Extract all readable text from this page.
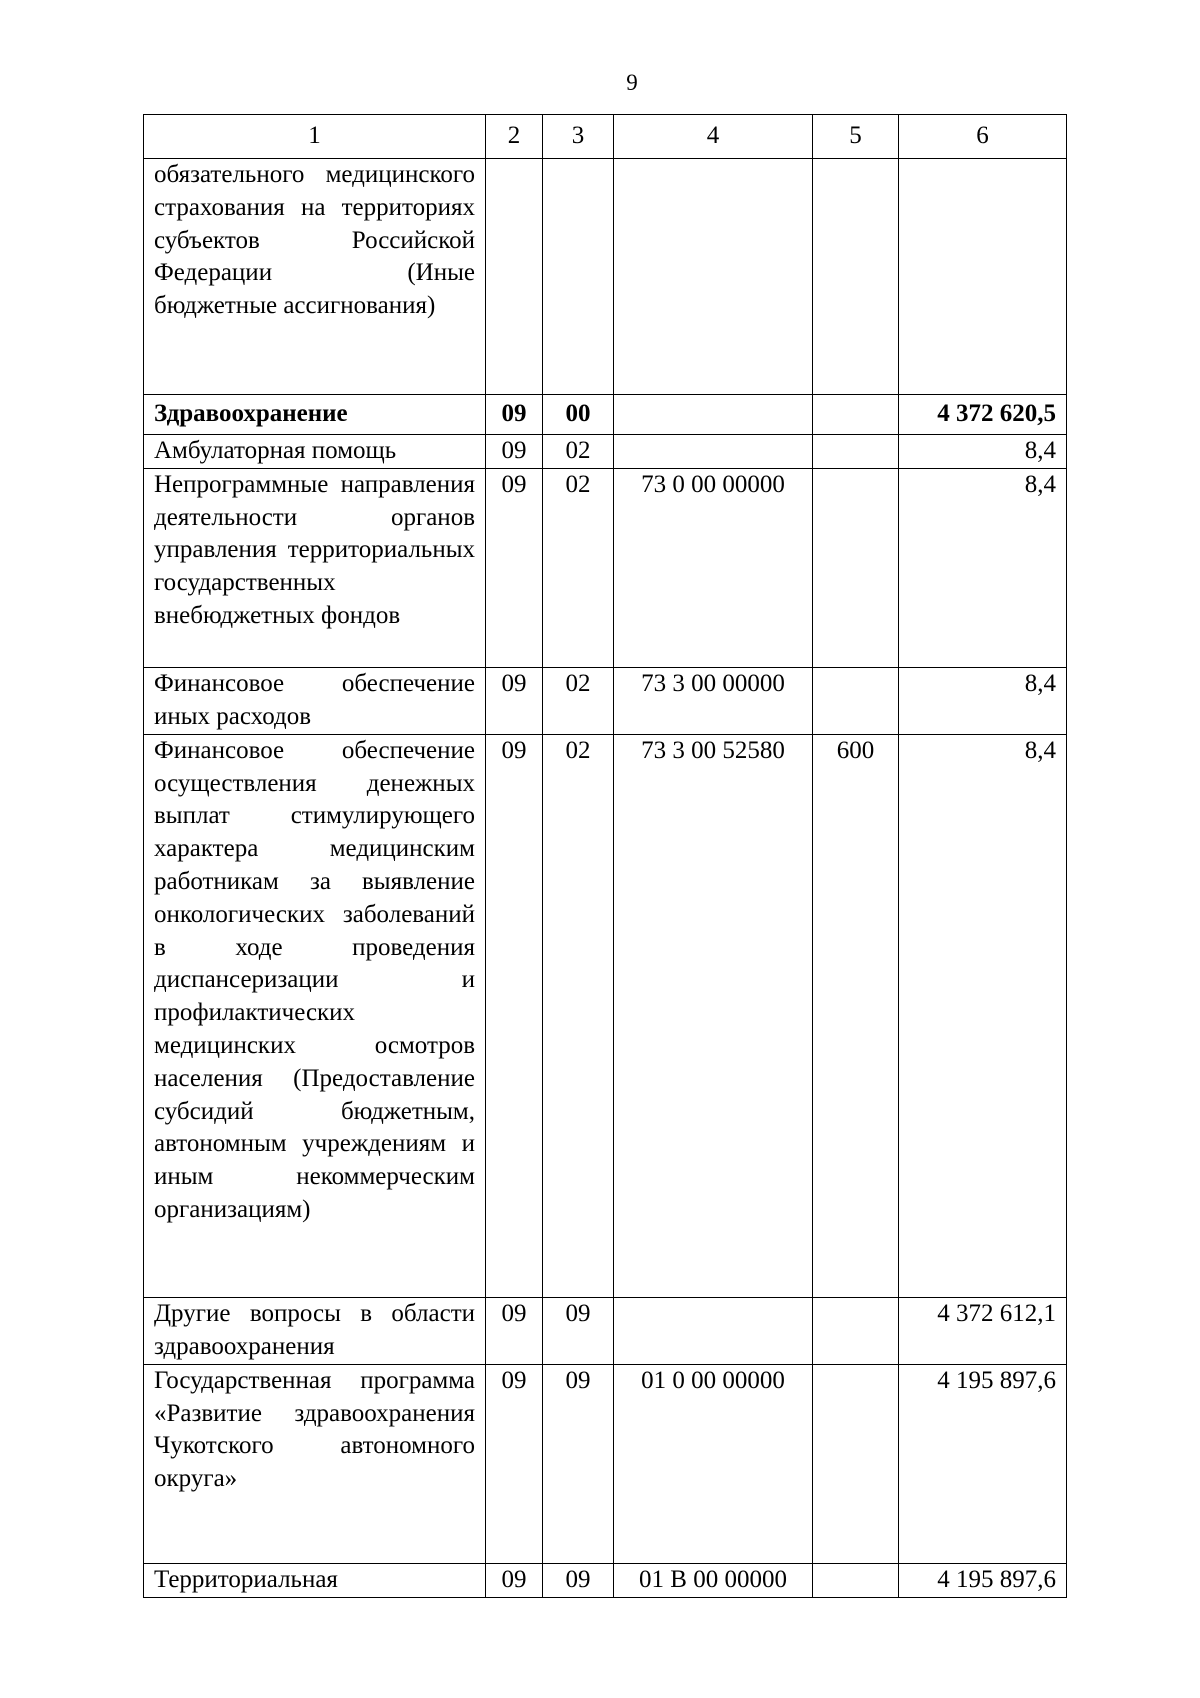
9
1	2	3	4	5	6
обязательного медицинского страхования на территориях субъектов Российской Федерации (Иные бюджетные ассигнования)					
Здравоохранение	09	00			4 372 620,5
Амбулаторная помощь	09	02			8,4
Непрограммные направления деятельности органов управления территориальных государственных внебюджетных фондов	09	02	73 0 00 00000		8,4
Финансовое обеспечение иных расходов	09	02	73 3 00 00000		8,4
Финансовое обеспечение осуществления денежных выплат стимулирующего характера медицинским работникам за выявление онкологических заболеваний в ходе проведения диспансеризации и профилактических медицинских осмотров населения (Предоставление субсидий бюджетным, автономным учреждениям и иным некоммерческим организациям)	09	02	73 3 00 52580	600	8,4
Другие вопросы в области здравоохранения	09	09			4 372 612,1
Государственная программа «Развитие здравоохранения Чукотского автономного округа»	09	09	01 0 00 00000		4 195 897,6
Территориальная	09	09	01 В 00 00000		4 195 897,6
